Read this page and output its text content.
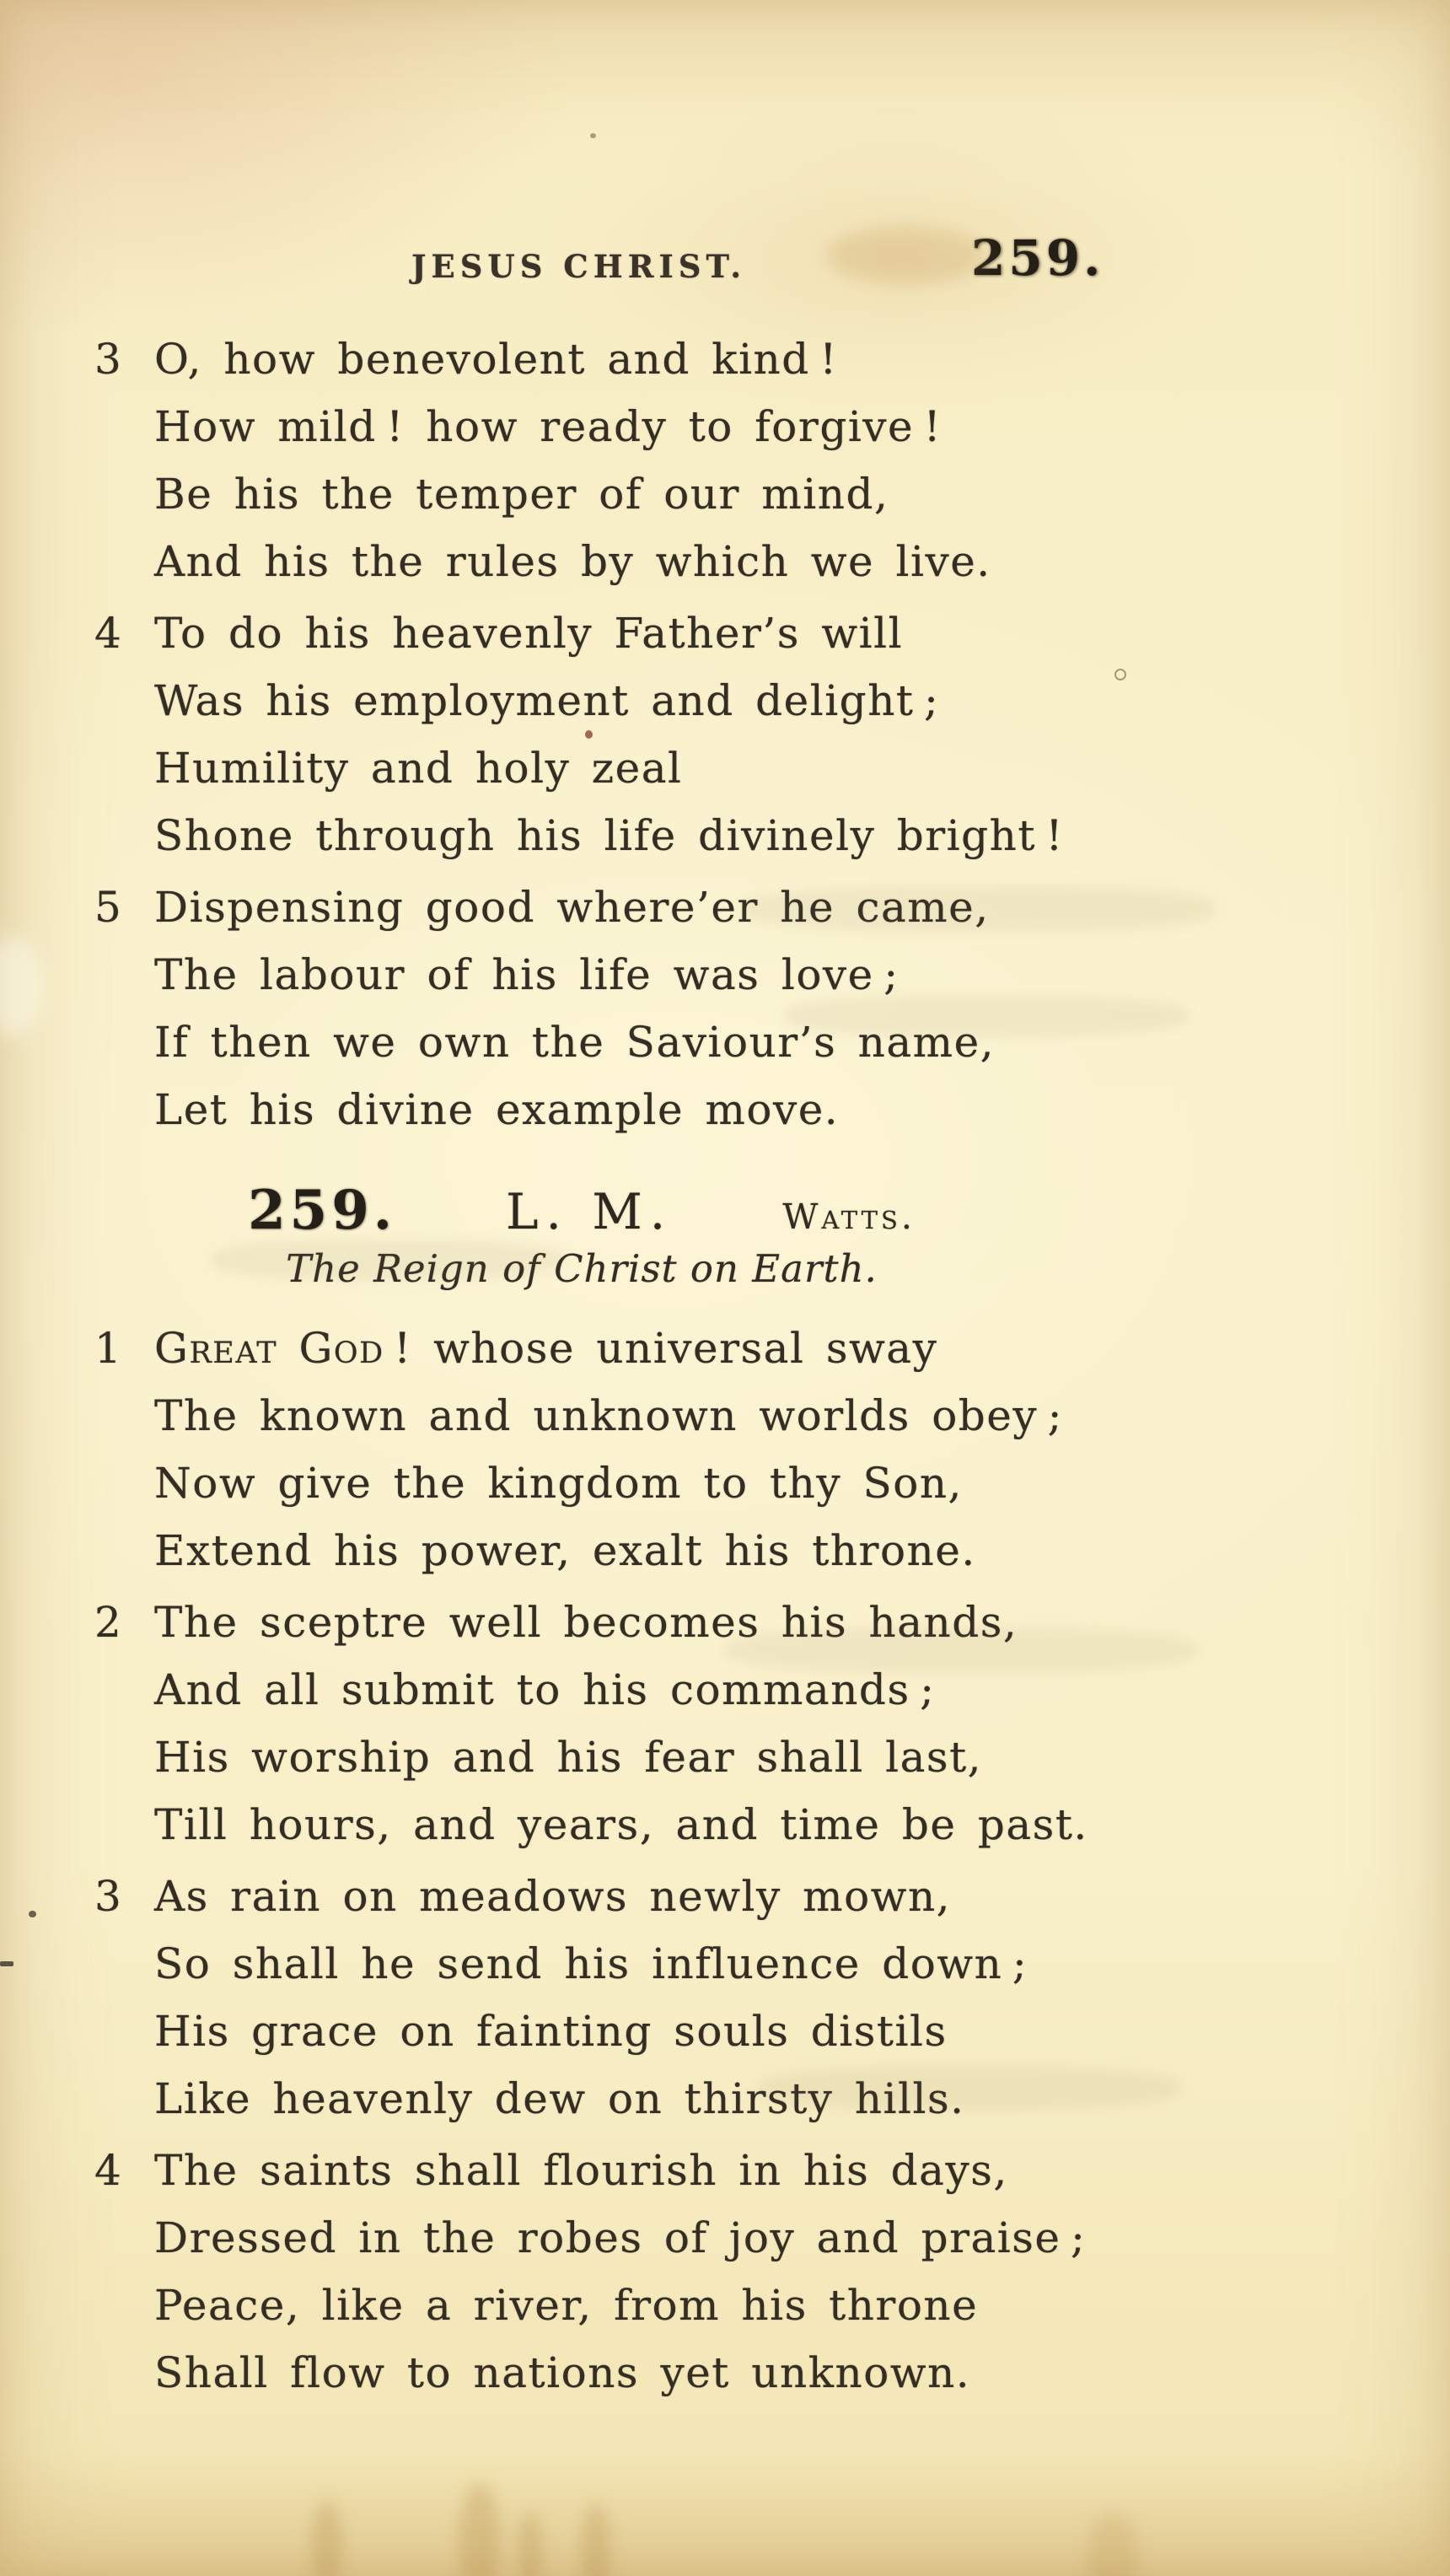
JESUS CHRIST.	259.
3 O, how benevolent and kind !
How mild ! how ready to forgive !
Be his the temper of our mind,
And his the rules by which we live.
4 To do his heavenly Father’s will
Was his employment and delight ;
Humility and holy zeal
Shone through his life divinely bright !
5 Dispensing good where’er he came,
The labour of his life was love ;
If then we own the Saviour’s name,
Let his divine example move.
259. L. M.	Watts.
The Reign of Christ on Earth.
1 Great God ! whose universal sway
The known and unknown worlds obey ;
Now give the kingdom to thy Son,
Extend his power, exalt his throne.
2 The sceptre well becomes his hands,
And all submit to his commands ;
His worship and his fear shall last,
Till hours, and years, and time be past.
3 As rain on meadows newly mown,
So shall he send his influence down ;
His grace on fainting souls distils
Like heavenly dew on thirsty hills.
4 The saints shall flourish in his days,
Dressed in the robes of joy and praise ;
Peace, like a river, from his throne
Shall flow to nations yet unknown.
